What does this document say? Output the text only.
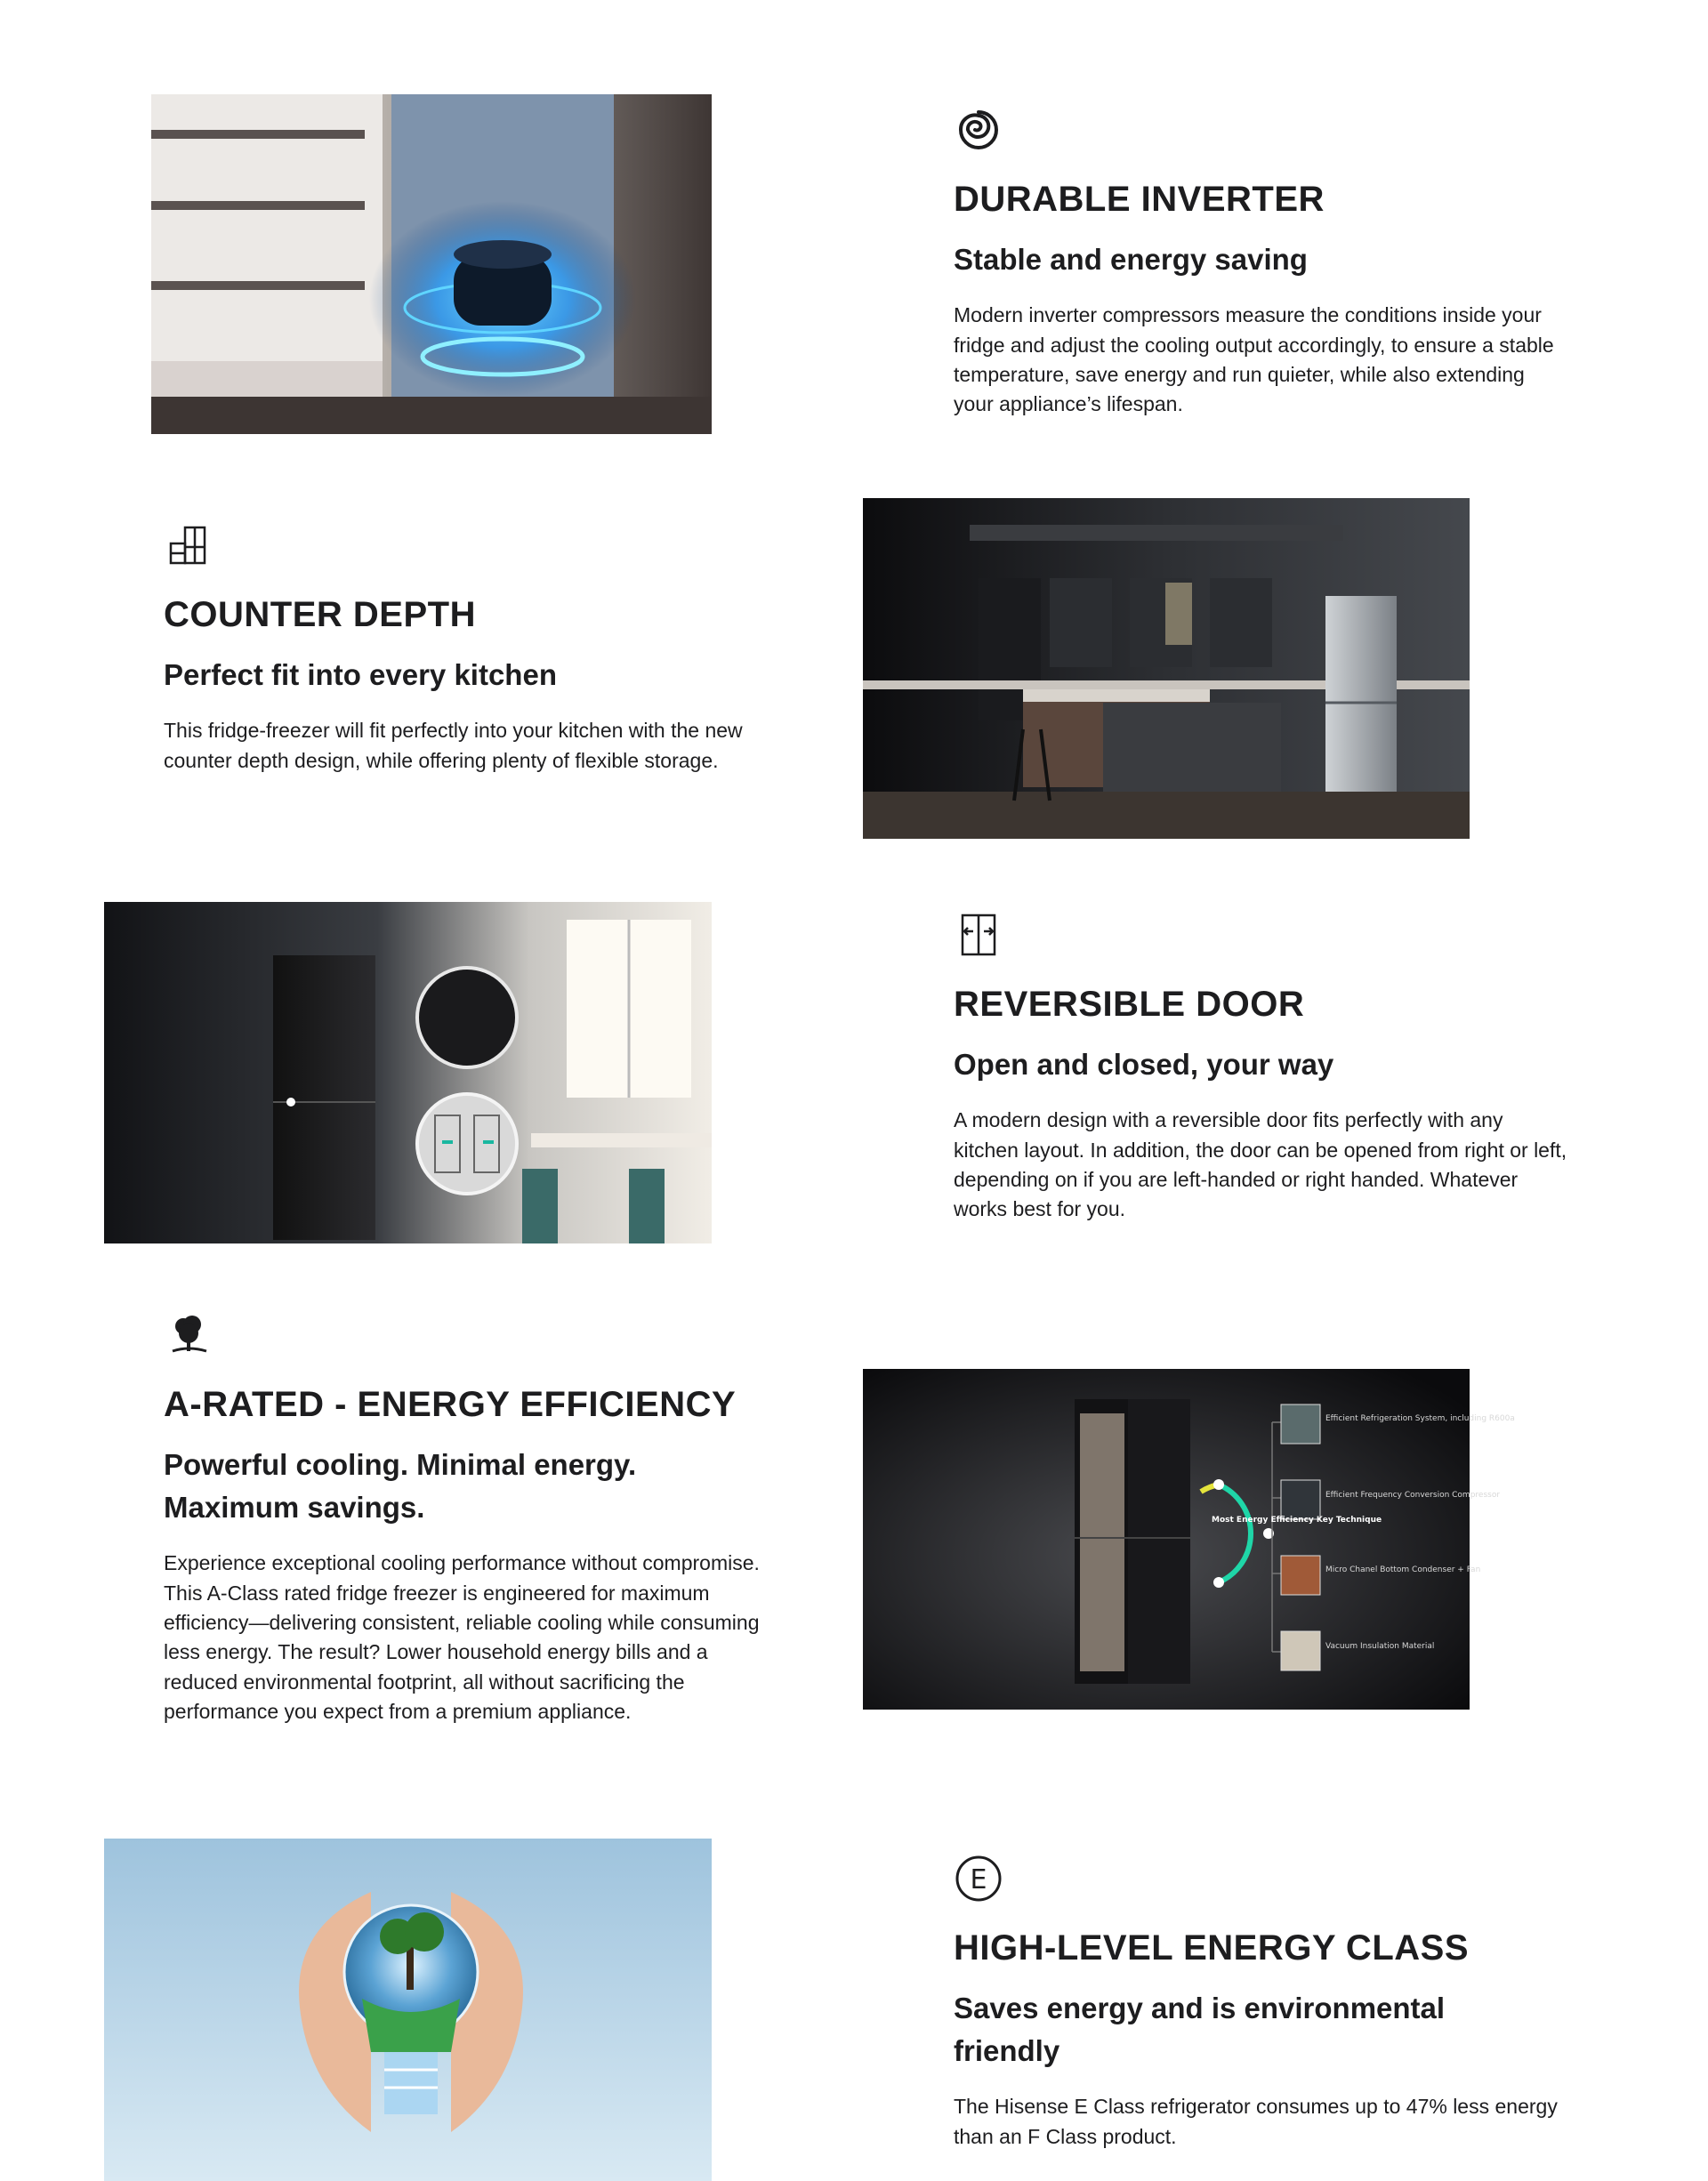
DURABLE INVERTER
Stable and energy saving

Modern inverter compressors measure the conditions inside your fridge and adjust the cooling output accordingly, to ensure a stable temperature, save energy and run quieter, while also extending your appliance’s lifespan.

COUNTER DEPTH
Perfect fit into every kitchen

This fridge-freezer will fit perfectly into your kitchen with the new counter depth design, while offering plenty of flexible storage.

REVERSIBLE DOOR
Open and closed, your way

A modern design with a reversible door fits perfectly with any kitchen layout. In addition, the door can be opened from right or left, depending on if you are left-handed or right handed. Whatever works best for you.

A-RATED - ENERGY EFFICIENCY
Powerful cooling. Minimal energy. Maximum savings.

Experience exceptional cooling performance without compromise. This A-Class rated fridge freezer is engineered for maximum efficiency—delivering consistent, reliable cooling while consuming less energy. The result? Lower household energy bills and a reduced environmental footprint, all without sacrificing the performance you expect from a premium appliance.

Most Energy Efficiency Key Technique
Efficient Refrigeration System, including R600a
Efficient Frequency Conversion Compressor
Micro Chanel Bottom Condenser + Fan
Vacuum Insulation Material
E
HIGH-LEVEL ENERGY CLASS
Saves energy and is environmental friendly

The Hisense E Class refrigerator consumes up to 47% less energy than an F Class product.
